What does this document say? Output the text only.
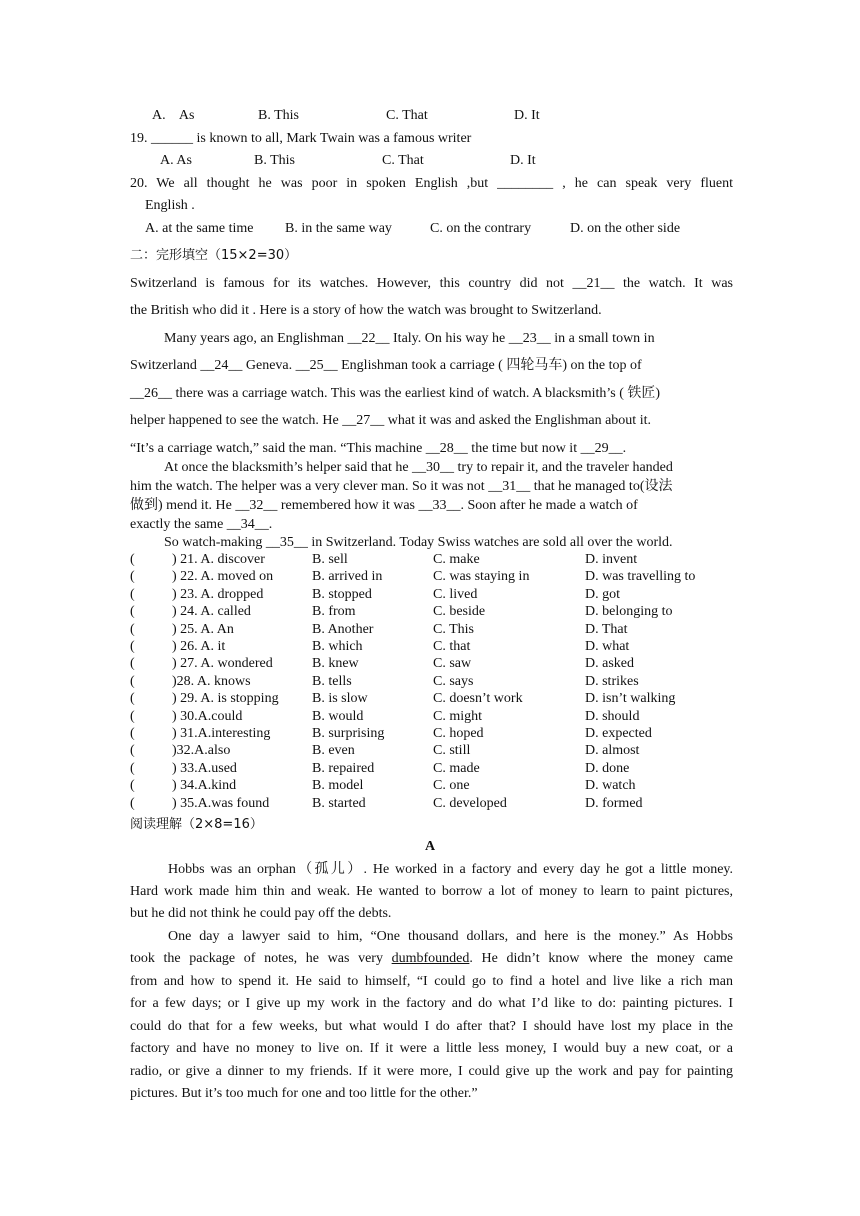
A.    As	B. This	C. That	D. It
19. ______ is known to all, Mark Twain was a famous writer
A. As	B. This	C. That	D. It
20. We all thought he was poor in spoken English ,but ________ , he can speak very fluent
English .
A. at the same time B. in the same way	C. on the contrary	D. on the other side
二：完形填空（15×2=30）
Switzerland is famous for its watches. However, this country did not __21__ the watch. It was
the British who did it . Here is a story of how the watch was brought to Switzerland.
Many years ago, an Englishman __22__ Italy. On his way he __23__ in a small town in
Switzerland __24__ Geneva. __25__ Englishman took a carriage ( 四轮马车) on the top of
__26__ there was a carriage watch. This was the earliest kind of watch. A blacksmith’s ( 铁匠)
helper happened to see the watch. He __27__ what it was and asked the Englishman about it.
“It’s a carriage watch,” said the man. “This machine __28__ the time but now it __29__.
At once the blacksmith’s helper said that he __30__ try to repair it, and the traveler handed
him the watch. The helper was a very clever man. So it was not __31__ that he managed to(设法
做到) mend it. He __32__ remembered how it was __33__. Soon after he made a watch of
exactly the same __34__.
So watch-making __35__ in Switzerland. Today Swiss watches are sold all over the world.
(	) 21. A. discover	B. sell	C. make	D. invent
(	) 22. A. moved on	B. arrived in	C. was staying in	D. was travelling to
(	) 23. A. dropped	B. stopped	C. lived	D. got
(	) 24. A. called	B. from	C. beside	D. belonging to
(	) 25. A. An	B. Another	C. This	D. That
(	) 26. A. it	B. which	C. that	D. what
(	) 27. A. wondered	B. knew	C. saw	D. asked
(	)28. A. knows	B. tells	C. says	D. strikes
(	) 29. A. is stopping B. is slow	C. doesn’t work	D. isn’t walking
(	) 30.A.could	B. would	C. might	D. should
(	) 31.A.interesting	B. surprising	C. hoped	D. expected
(	)32.A.also	B. even	C. still	D. almost
(	) 33.A.used	B. repaired	C. made	D. done
(	) 34.A.kind	B. model	C. one	D. watch
(	) 35.A.was found	B. started	C. developed	D. formed
阅读理解（2×8=16）
A
Hobbs was an orphan（孤儿）. He worked in a factory and every day he got a little money.
Hard work made him thin and weak. He wanted to borrow a lot of money to learn to paint pictures,
but he did not think he could pay off the debts.
One day a lawyer said to him, “One thousand dollars, and here is the money.” As Hobbs
took the package of notes, he was very dumbfounded. He didn’t know where the money came
from and how to spend it. He said to himself, “I could go to find a hotel and live like a rich man
for a few days; or I give up my work in the factory and do what I’d like to do: painting pictures. I
could do that for a few weeks, but what would I do after that? I should have lost my place in the
factory and have no money to live on. If it were a little less money, I would buy a new coat, or a
radio, or give a dinner to my friends. If it were more, I could give up the work and pay for painting
pictures. But it’s too much for one and too little for the other.”
